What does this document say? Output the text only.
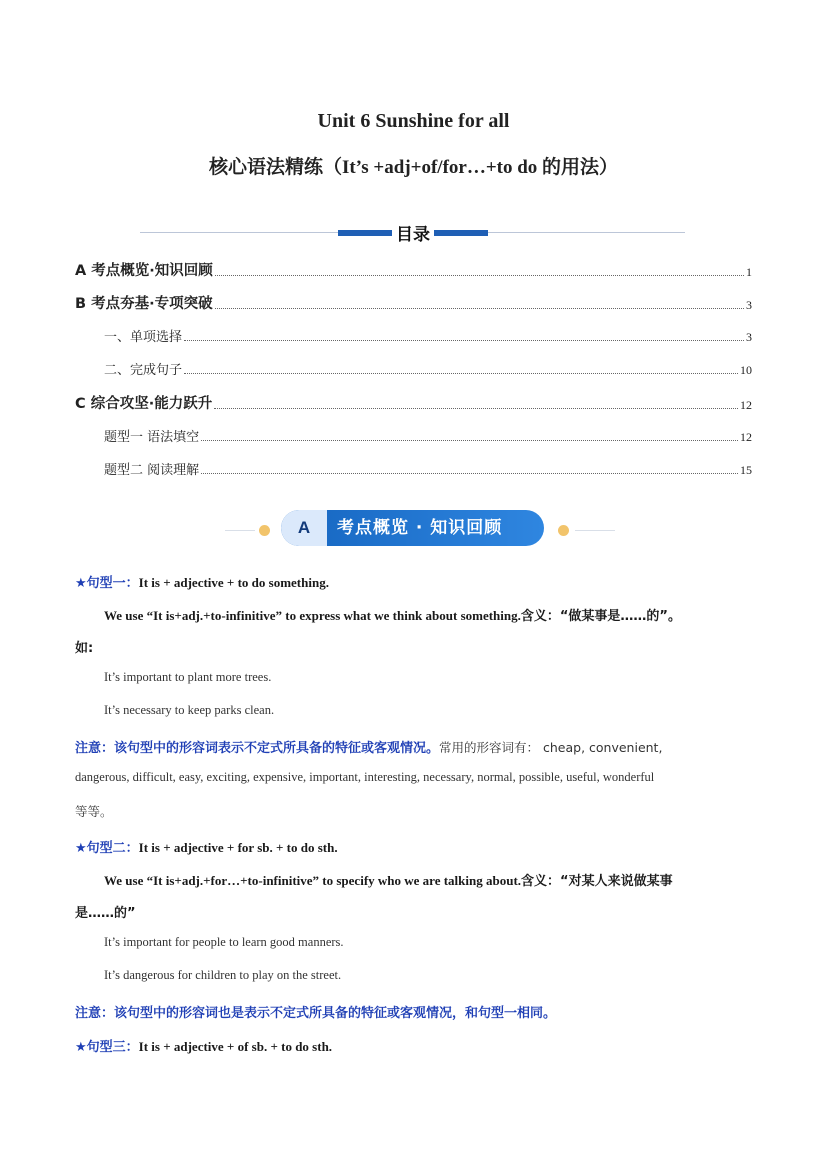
Unit 6 Sunshine for all
核心语法精练（It’s +adj+of/for…+to do 的用法）
目录
A 考点概览·知识回顾	1
B 考点夯基·专项突破	3
一、单项选择	3
二、完成句子	10
C 综合攻坚·能力跃升	12
题型一 语法填空	12
题型二 阅读理解	15
A	考点概览 · 知识回顾
★句型一：It is + adjective + to do something.
We use “It is+adj.+to-infinitive” to express what we think about something.含义：“做某事是……的”。
如:
It’s important to plant more trees.
It’s necessary to keep parks clean.
注意：该句型中的形容词表示不定式所具备的特征或客观情况。常用的形容词有： cheap, convenient,
dangerous, difficult, easy, exciting, expensive, important, interesting, necessary, normal, possible, useful, wonderful
等等。
★句型二：It is + adjective + for sb. + to do sth.
We use “It is+adj.+for…+to-infinitive” to specify who we are talking about.含义：“对某人来说做某事
是……的”
It’s important for people to learn good manners.
It’s dangerous for children to play on the street.
注意：该句型中的形容词也是表示不定式所具备的特征或客观情况，和句型一相同。
★句型三：It is + adjective + of sb. + to do sth.
